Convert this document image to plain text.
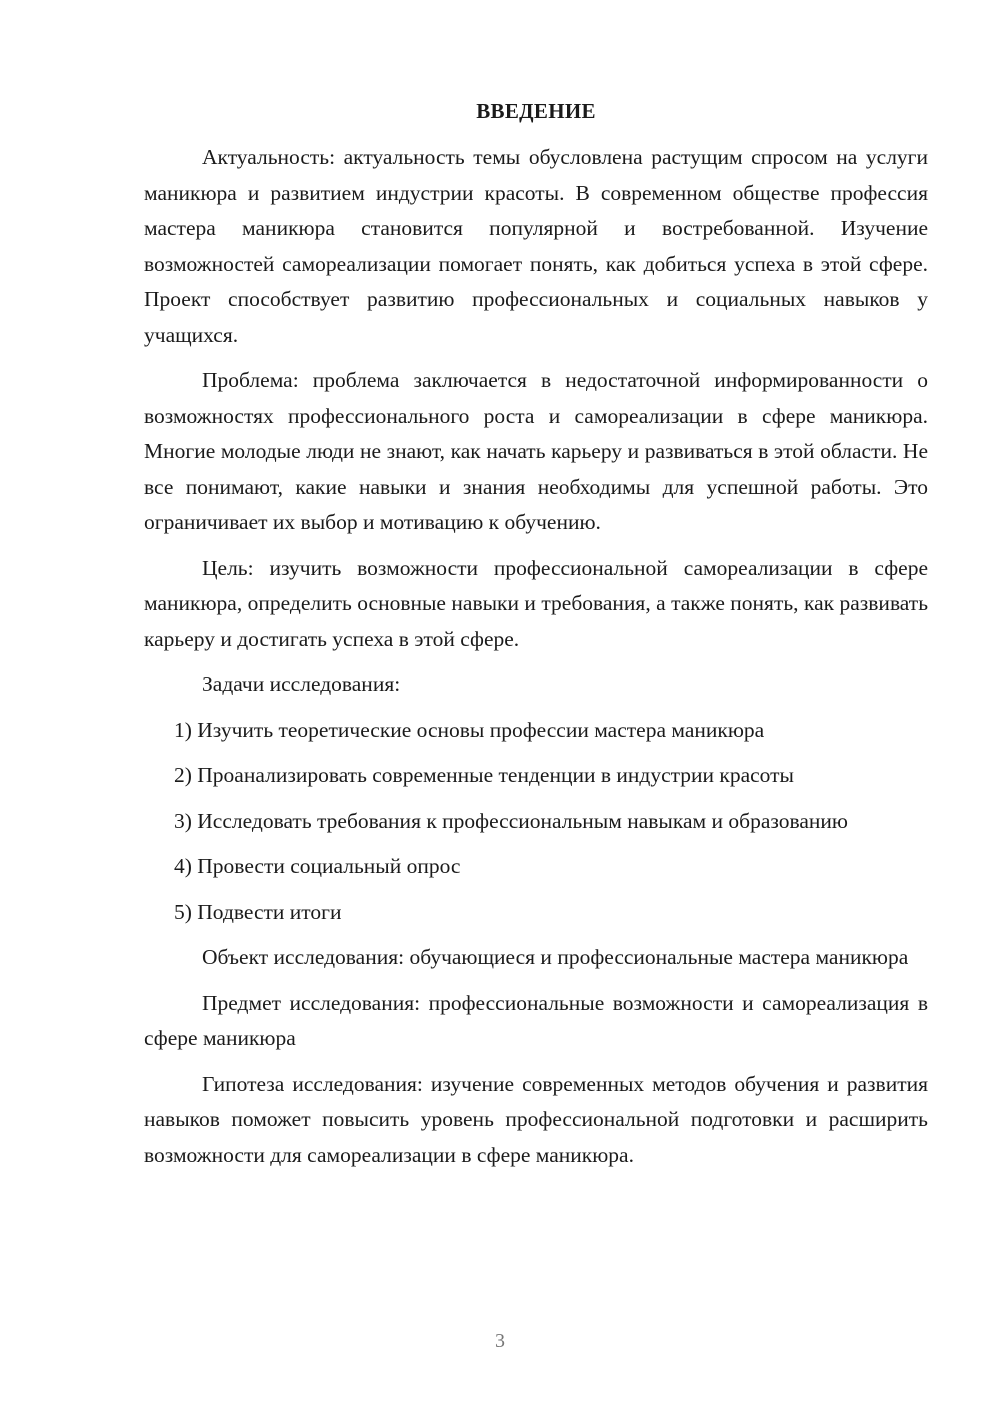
ВВЕДЕНИЕ

Актуальность: актуальность темы обусловлена растущим спросом на услуги маникюра и развитием индустрии красоты. В современном обществе профессия мастера маникюра становится популярной и востребованной. Изучение возможностей самореализации помогает понять, как добиться успеха в этой сфере. Проект способствует развитию профессиональных и социальных навыков у учащихся.

Проблема: проблема заключается в недостаточной информированности о возможностях профессионального роста и самореализации в сфере маникюра. Многие молодые люди не знают, как начать карьеру и развиваться в этой области. Не все понимают, какие навыки и знания необходимы для успешной работы. Это ограничивает их выбор и мотивацию к обучению.

Цель: изучить возможности профессиональной самореализации в сфере маникюра, определить основные навыки и требования, а также понять, как развивать карьеру и достигать успеха в этой сфере.

Задачи исследования:

1) Изучить теоретические основы профессии мастера маникюра

2) Проанализировать современные тенденции в индустрии красоты

3) Исследовать требования к профессиональным навыкам и образованию

4) Провести социальный опрос

5) Подвести итоги

Объект исследования: обучающиеся и профессиональные мастера маникюра

Предмет исследования: профессиональные возможности и самореализация в сфере маникюра

Гипотеза исследования: изучение современных методов обучения и развития навыков поможет повысить уровень профессиональной подготовки и расширить возможности для самореализации в сфере маникюра.

3
